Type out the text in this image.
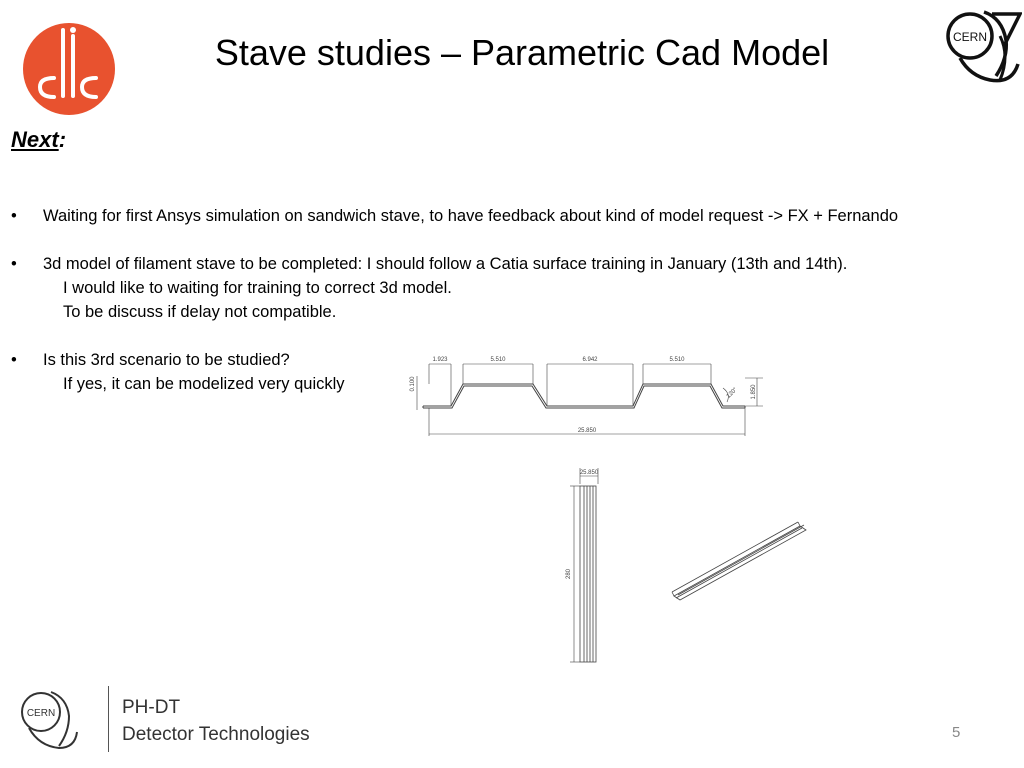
Stave studies – Parametric Cad Model	CERN
Next:
• Waiting for first Ansys simulation on sandwich stave, to have feedback about kind of model request -> FX + Fernando
• 3d model of filament stave to be completed: I should follow a Catia surface training in January (13th and 14th).
I would like to waiting for training to correct 3d model.
To be discuss if delay not compatible.
• Is this 3rd scenario to be studied?
If yes, it can be modelized very quickly
1.923	5.510	6.942	5.510
0.100
1.850
120°
25.850
25.850
280
CERN	PH-DT
Detector Technologies	5
